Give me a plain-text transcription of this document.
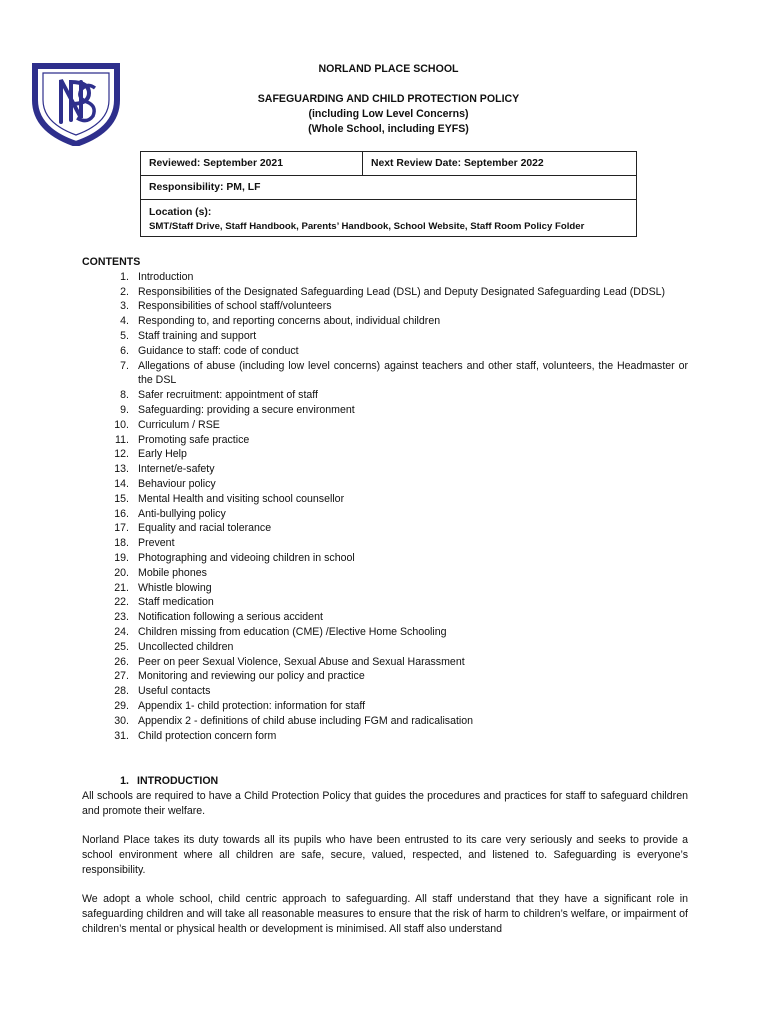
NORLAND PLACE SCHOOL
SAFEGUARDING AND CHILD PROTECTION POLICY
(including Low Level Concerns)
(Whole School, including EYFS)
Reviewed: September 2021	Next Review Date: September 2022
Responsibility: PM, LF

Location (s):
SMT/Staff Drive, Staff Handbook, Parents’ Handbook, School Website, Staff Room Policy Folder
CONTENTS
1. Introduction
2. Responsibilities of the Designated Safeguarding Lead (DSL) and Deputy Designated Safeguarding Lead (DDSL)
3. Responsibilities of school staff/volunteers
4. Responding to, and reporting concerns about, individual children
5. Staff training and support
6. Guidance to staff: code of conduct
7. Allegations of abuse (including low level concerns) against teachers and other staff, volunteers, the Headmaster or the DSL
8. Safer recruitment: appointment of staff
9. Safeguarding: providing a secure environment
10. Curriculum / RSE
11. Promoting safe practice
12. Early Help
13. Internet/e-safety
14. Behaviour policy
15. Mental Health and visiting school counsellor
16. Anti-bullying policy
17. Equality and racial tolerance
18. Prevent
19. Photographing and videoing children in school
20. Mobile phones
21. Whistle blowing
22. Staff medication
23. Notification following a serious accident
24. Children missing from education (CME) /Elective Home Schooling
25. Uncollected children
26. Peer on peer Sexual Violence, Sexual Abuse and Sexual Harassment
27. Monitoring and reviewing our policy and practice
28. Useful contacts
29. Appendix 1- child protection: information for staff
30. Appendix 2 - definitions of child abuse including FGM and radicalisation
31. Child protection concern form
1. INTRODUCTION

All schools are required to have a Child Protection Policy that guides the procedures and practices for staff to safeguard children and promote their welfare.

Norland Place takes its duty towards all its pupils who have been entrusted to its care very seriously and seeks to provide a school environment where all children are safe, secure, valued, respected, and listened to. Safeguarding is everyone’s responsibility.

We adopt a whole school, child centric approach to safeguarding. All staff understand that they have a significant role in safeguarding children and will take all reasonable measures to ensure that the risk of harm to children’s welfare, or impairment of children’s mental or physical health or development is minimised. All staff also understand
